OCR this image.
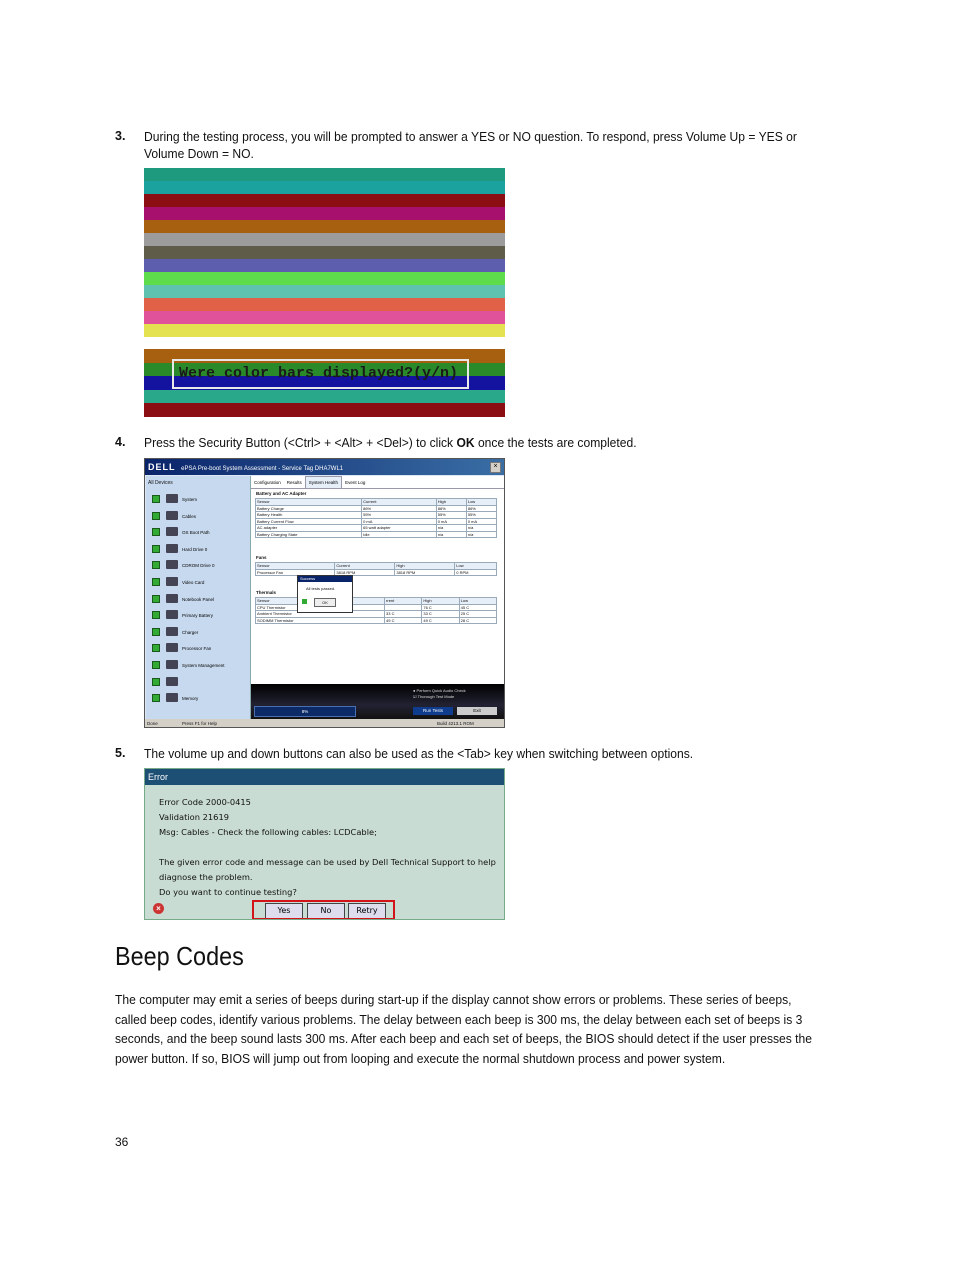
3. During the testing process, you will be prompted to answer a YES or NO question. To respond, press Volume Up = YES or Volume Down = NO.
Were color bars displayed?(y/n)
4. Press the Security Button (<Ctrl> + <Alt> + <Del>) to click OK once the tests are completed.
DELL ePSA Pre-boot System Assessment - Service Tag DHA7WL1	×
All Devices
System
Cables
OS Boot Path
Hard Drive 0
CDROM Drive 0
Video Card
Notebook Panel
Primary Battery
Charger
Processor Fan
System Management
Memory
Configuration Results System Health Event Log
Battery and AC Adapter
Sensor	Current	High	Low
Battery Charge	86%	86%	86%
Battery Health	55%	55%	55%
Battery Current Flow	0 mA	0 mA	0 mA
AC adapter	65 watt adapter	n/a	n/a
Battery Charging State	Idle	n/a	n/a
Fans
Sensor	Current	High	Low
Processor Fan	3818 RPM	3818 RPM	0 RPM
Thermals
Sensor	rrent	High	Low
CPU Thermistor		76 C	45 C
Ambient Thermistor	33 C	33 C	25 C
SODIMM Thermistor	49 C	49 C	28 C
● Perform Quick Audio Check
☑ Thorough Test Mode
8%	Run Tests	Exit
Done	Press F1 for Help	Build 4213.1 ROM
Success
All tests passed.
OK
5. The volume up and down buttons can also be used as the <Tab> key when switching between options.
Error
Error Code 2000-0415
Validation 21619
Msg: Cables - Check the following cables: LCDCable;
The given error code and message can be used by Dell Technical Support to help
diagnose the problem.
Do you want to continue testing?
×	Yes	No	Retry
Beep Codes
The computer may emit a series of beeps during start-up if the display cannot show errors or problems. These series of beeps, called beep codes, identify various problems. The delay between each beep is 300 ms, the delay between each set of beeps is 3 seconds, and the beep sound lasts 300 ms. After each beep and each set of beeps, the BIOS should detect if the user presses the power button. If so, BIOS will jump out from looping and execute the normal shutdown process and power system.
36
